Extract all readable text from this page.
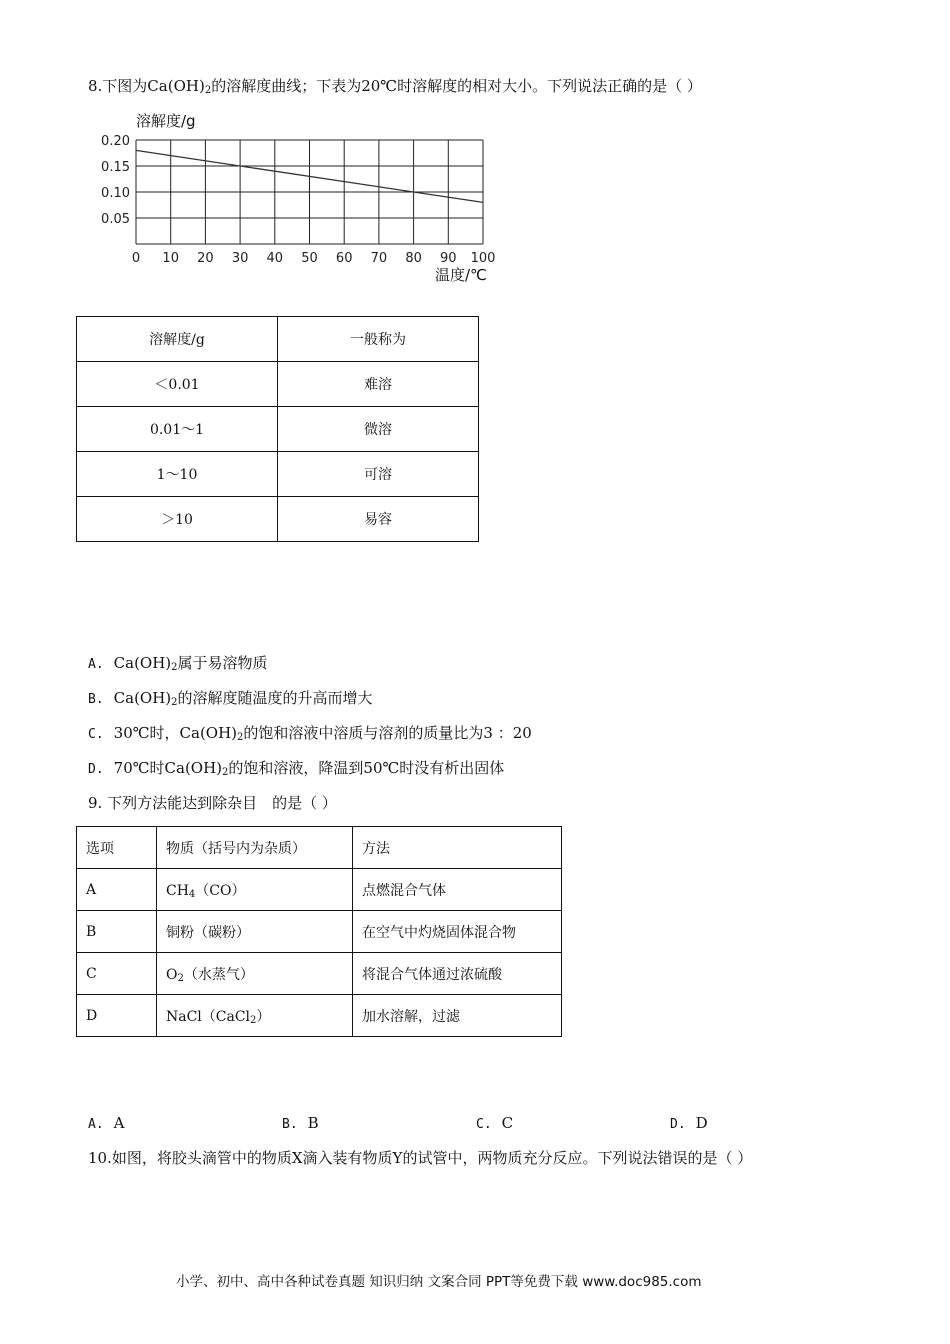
8.下图为$Ca(OH)_2$的溶解度曲线；下表为20℃时溶解度的相对大小。下列说法正确的是（ ）
溶解度/g
温度/℃
0.05
0.10
0.15
0.20
0 10 20 30 40 50 60 70 80 90 100
溶解度/g	一般称为
＜0.01	难溶
0.01～1	微溶
1～10	可溶
＞10	易容
A. $Ca(OH)_2$属于易溶物质
B. $Ca(OH)_2$的溶解度随温度的升高而增大
C. 30℃时，$Ca(OH)_2$的饱和溶液中溶质与溶剂的质量比为3 ：20
D. 70℃时$Ca(OH)_2$的饱和溶液，降温到50℃时没有析出固体
9. 下列方法能达到除杂目　的是（ ）
选项	物质（括号内为杂质）	方法
A	$CH_4(CO)$	点燃混合气体
B	铜粉（碳粉）	在空气中灼烧固体混合物
C	$O_2$（水蒸气）	将混合气体通过浓硫酸
D	NaCl（CaCl$_2$）	加水溶解，过滤
A. A	B. B	C. C	D. D
10.如图，将胶头滴管中的物质X滴入装有物质Y的试管中，两物质充分反应。下列说法错误的是（ ）
小学、初中、高中各种试卷真题 知识归纳 文案合同 PPT等免费下载 www.doc985.com
